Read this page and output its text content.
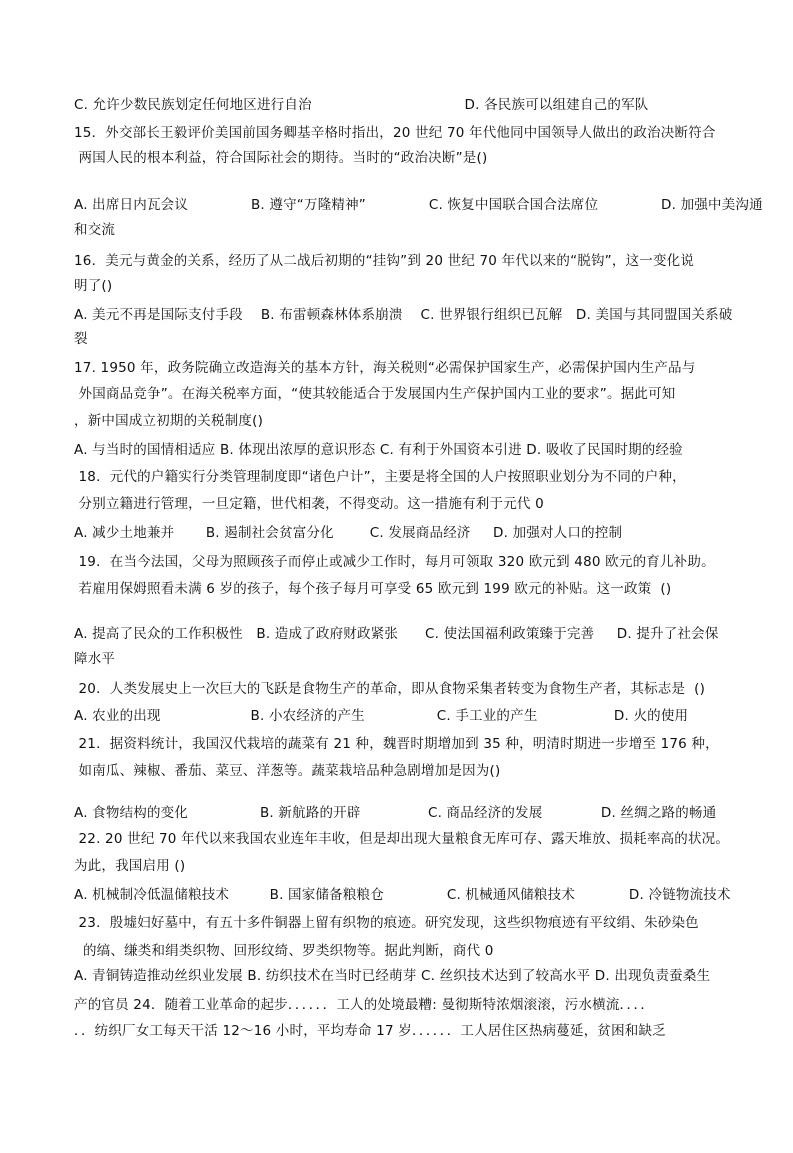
C. 允许少数民族划定任何地区进行自治                                  D. 各民族可以组建自己的军队
15．外交部长王毅评价美国前国务卿基辛格时指出，20 世纪 70 年代他同中国领导人做出的政治决断符合
两国人民的根本利益，符合国际社会的期待。当时的“政治决断”是()
A. 出席日内瓦会议              B. 遵守“万隆精神”              C. 恢复中国联合国合法席位              D. 加强中美沟通
和交流
16．美元与黄金的关系，经历了从二战后初期的“挂钩”到 20 世纪 70 年代以来的“脱钩”，这一变化说
明了()
A. 美元不再是国际支付手段    B. 布雷顿森林体系崩溃    C. 世界银行组织已瓦解   D. 美国与其同盟国关系破
裂
17. 1950 年，政务院确立改造海关的基本方针，海关税则“必需保护国家生产，必需保护国内生产品与
外国商品竞争”。在海关税率方面，“使其较能适合于发展国内生产保护国内工业的要求”。据此可知
，新中国成立初期的关税制度()
A. 与当时的国情相适应 B. 体现出浓厚的意识形态 C. 有利于外国资本引进 D. 吸收了民国时期的经验
18．元代的户籍实行分类管理制度即“诸色户计”，主要是将全国的人户按照职业划分为不同的户种，
分别立籍进行管理，一旦定籍，世代相袭，不得变动。这一措施有利于元代 0
A. 减少土地兼并       B. 遏制社会贫富分化        C. 发展商品经济     D. 加强对人口的控制
19．在当今法国，父母为照顾孩子而停止或减少工作时，每月可领取 320 欧元到 480 欧元的育儿补助。
若雇用保姆照看未满 6 岁的孩子，每个孩子每月可享受 65 欧元到 199 欧元的补贴。这一政策  ()
A. 提高了民众的工作积极性   B. 造成了政府财政紧张      C. 使法国福利政策臻于完善     D. 提升了社会保
障水平
20．人类发展史上一次巨大的飞跃是食物生产的革命，即从食物采集者转变为食物生产者，其标志是  ()
A. 农业的出现                    B. 小农经济的产生                C. 手工业的产生                 D. 火的使用
21．据资料统计，我国汉代栽培的蔬菜有 21 种，魏晋时期增加到 35 种，明清时期进一步增至 176 种，
如南瓜、辣椒、番茄、菜豆、洋葱等。蔬菜栽培品种急剧增加是因为()
A. 食物结构的变化                B. 新航路的开辟               C. 商品经济的发展             D. 丝绸之路的畅通
22. 20 世纪 70 年代以来我国农业连年丰收，但是却出现大量粮食无库可存、露天堆放、损耗率高的状况。
为此，我国启用 ()
A. 机械制冷低温储粮技术         B. 国家储备粮粮仓              C. 机械通风储粮技术            D. 冷链物流技术
23．殷墟妇好墓中，有五十多件铜器上留有织物的痕迹。研究发现，这些织物痕迹有平纹绢、朱砂染色
的缟、缣类和绢类织物、回形纹绮、罗类织物等。据此判断，商代 0
A. 青铜铸造推动丝织业发展 B. 纺织技术在当时已经萌芽 C. 丝织技术达到了较高水平 D. 出现负责蚕桑生
产的官员 24．随着工业革命的起步．．．．．．工人的处境最糟: 曼彻斯特浓烟滚滚，污水横流．．．．
．．纺织厂女工每天干活 12～16 小时，平均寿命 17 岁．．．．．．工人居住区热病蔓延，贫困和缺乏
